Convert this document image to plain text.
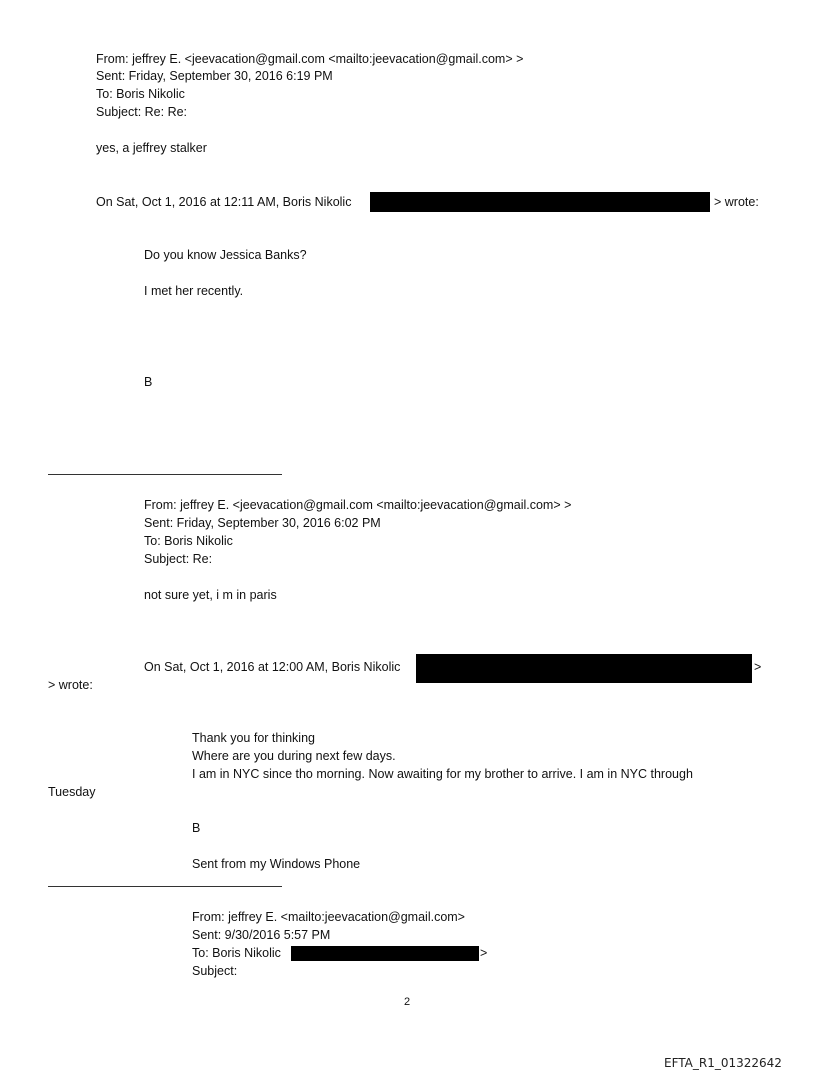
From: jeffrey E. <jeevacation@gmail.com <mailto:jeevacation@gmail.com> >
Sent: Friday, September 30, 2016 6:19 PM
To: Boris Nikolic
Subject: Re: Re:
yes, a jeffrey stalker
On Sat, Oct 1, 2016 at 12:11 AM, Boris Nikolic	> wrote:
Do you know Jessica Banks?
I met her recently.
B
From: jeffrey E. <jeevacation@gmail.com <mailto:jeevacation@gmail.com> >
Sent: Friday, September 30, 2016 6:02 PM
To: Boris Nikolic
Subject: Re:
not sure yet, i m in paris
On Sat, Oct 1, 2016 at 12:00 AM, Boris Nikolic	>
> wrote:
Thank you for thinking
Where are you during next few days.
I am in NYC since tho morning. Now awaiting for my brother to arrive. I am in NYC through
Tuesday
B
Sent from my Windows Phone
From: jeffrey E. <mailto:jeevacation@gmail.com>
Sent: 9/30/2016 5:57 PM
To: Boris Nikolic	>
Subject:
2
EFTA_R1_01322642
